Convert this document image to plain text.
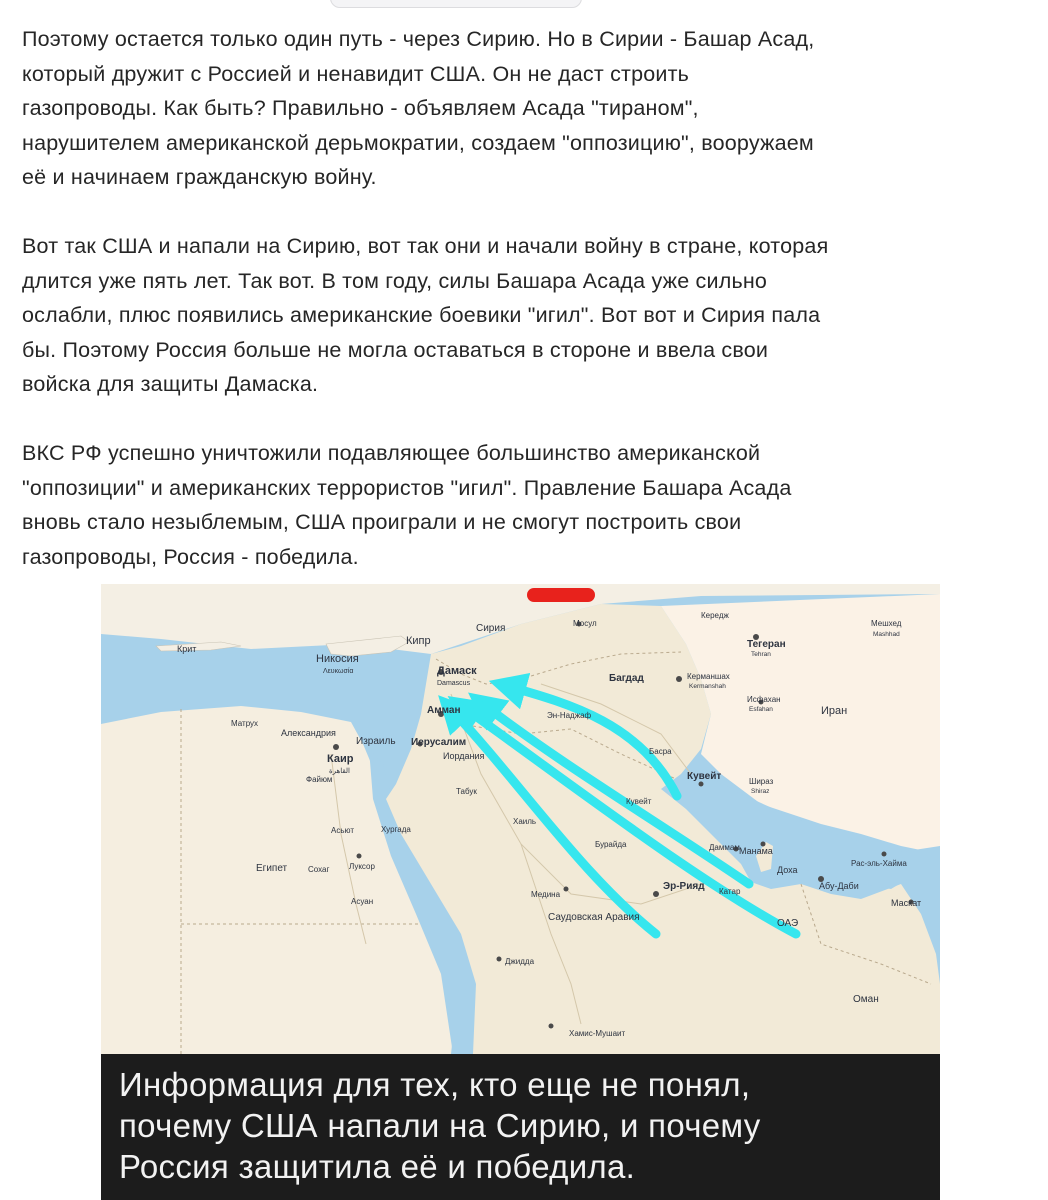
Поэтому остается только один путь - через Сирию. Но в Сирии - Башар Асад,
который дружит с Россией и ненавидит США. Он не даст строить
газопроводы. Как быть? Правильно - объявляем Асада "тираном",
нарушителем американской дерьмократии, создаем "оппозицию", вооружаем
её и начинаем гражданскую войну.

Вот так США и напали на Сирию, вот так они и начали войну в стране, которая
длится уже пять лет. Так вот. В том году, силы Башара Асада уже сильно
ослабли, плюс появились американские боевики "игил". Вот вот и Сирия пала
бы. Поэтому Россия больше не могла оставаться в стороне и ввела свои
войска для защиты Дамаска.

ВКС РФ успешно уничтожили подавляющее большинство американской
"оппозиции" и американских террористов "игил". Правление Башара Асада
вновь стало незыблемым, США проиграли и не смогут построить свои
газопроводы, Россия - победила.

Кипр
Крит
Никосия
Λευκωσία
Сирия
Дамаск
Damascus
Амман
Израиль Иерусалим
Иордания
Каир
القاهرة
Матрух
Александрия
Файюм
Асьют	Хургада
Египет	Сохаг Луксор
Асуан
Табук
Хаиль
Бурайда
Медина
Саудовская Аравия
Джидда
Хамис-Мушаит
Эр-Рияд
Мосул
Багдад
Эн-Наджаф
Басра
Кувейт
Кувейт
Керманшах
Kermanshah
Тегеран
Tehran
Кередж
Мешхед
Mashhad
Исфахан
Esfahan	Иран
Шираз
Shiraz
Даммам Манама
Доха
Катар
Абу-Даби
ОАЭ
Рас-эль-Хайма
Маскат
Оман
Информация для тех, кто еще не понял,
почему США напали на Сирию, и почему
Россия защитила её и победила.
